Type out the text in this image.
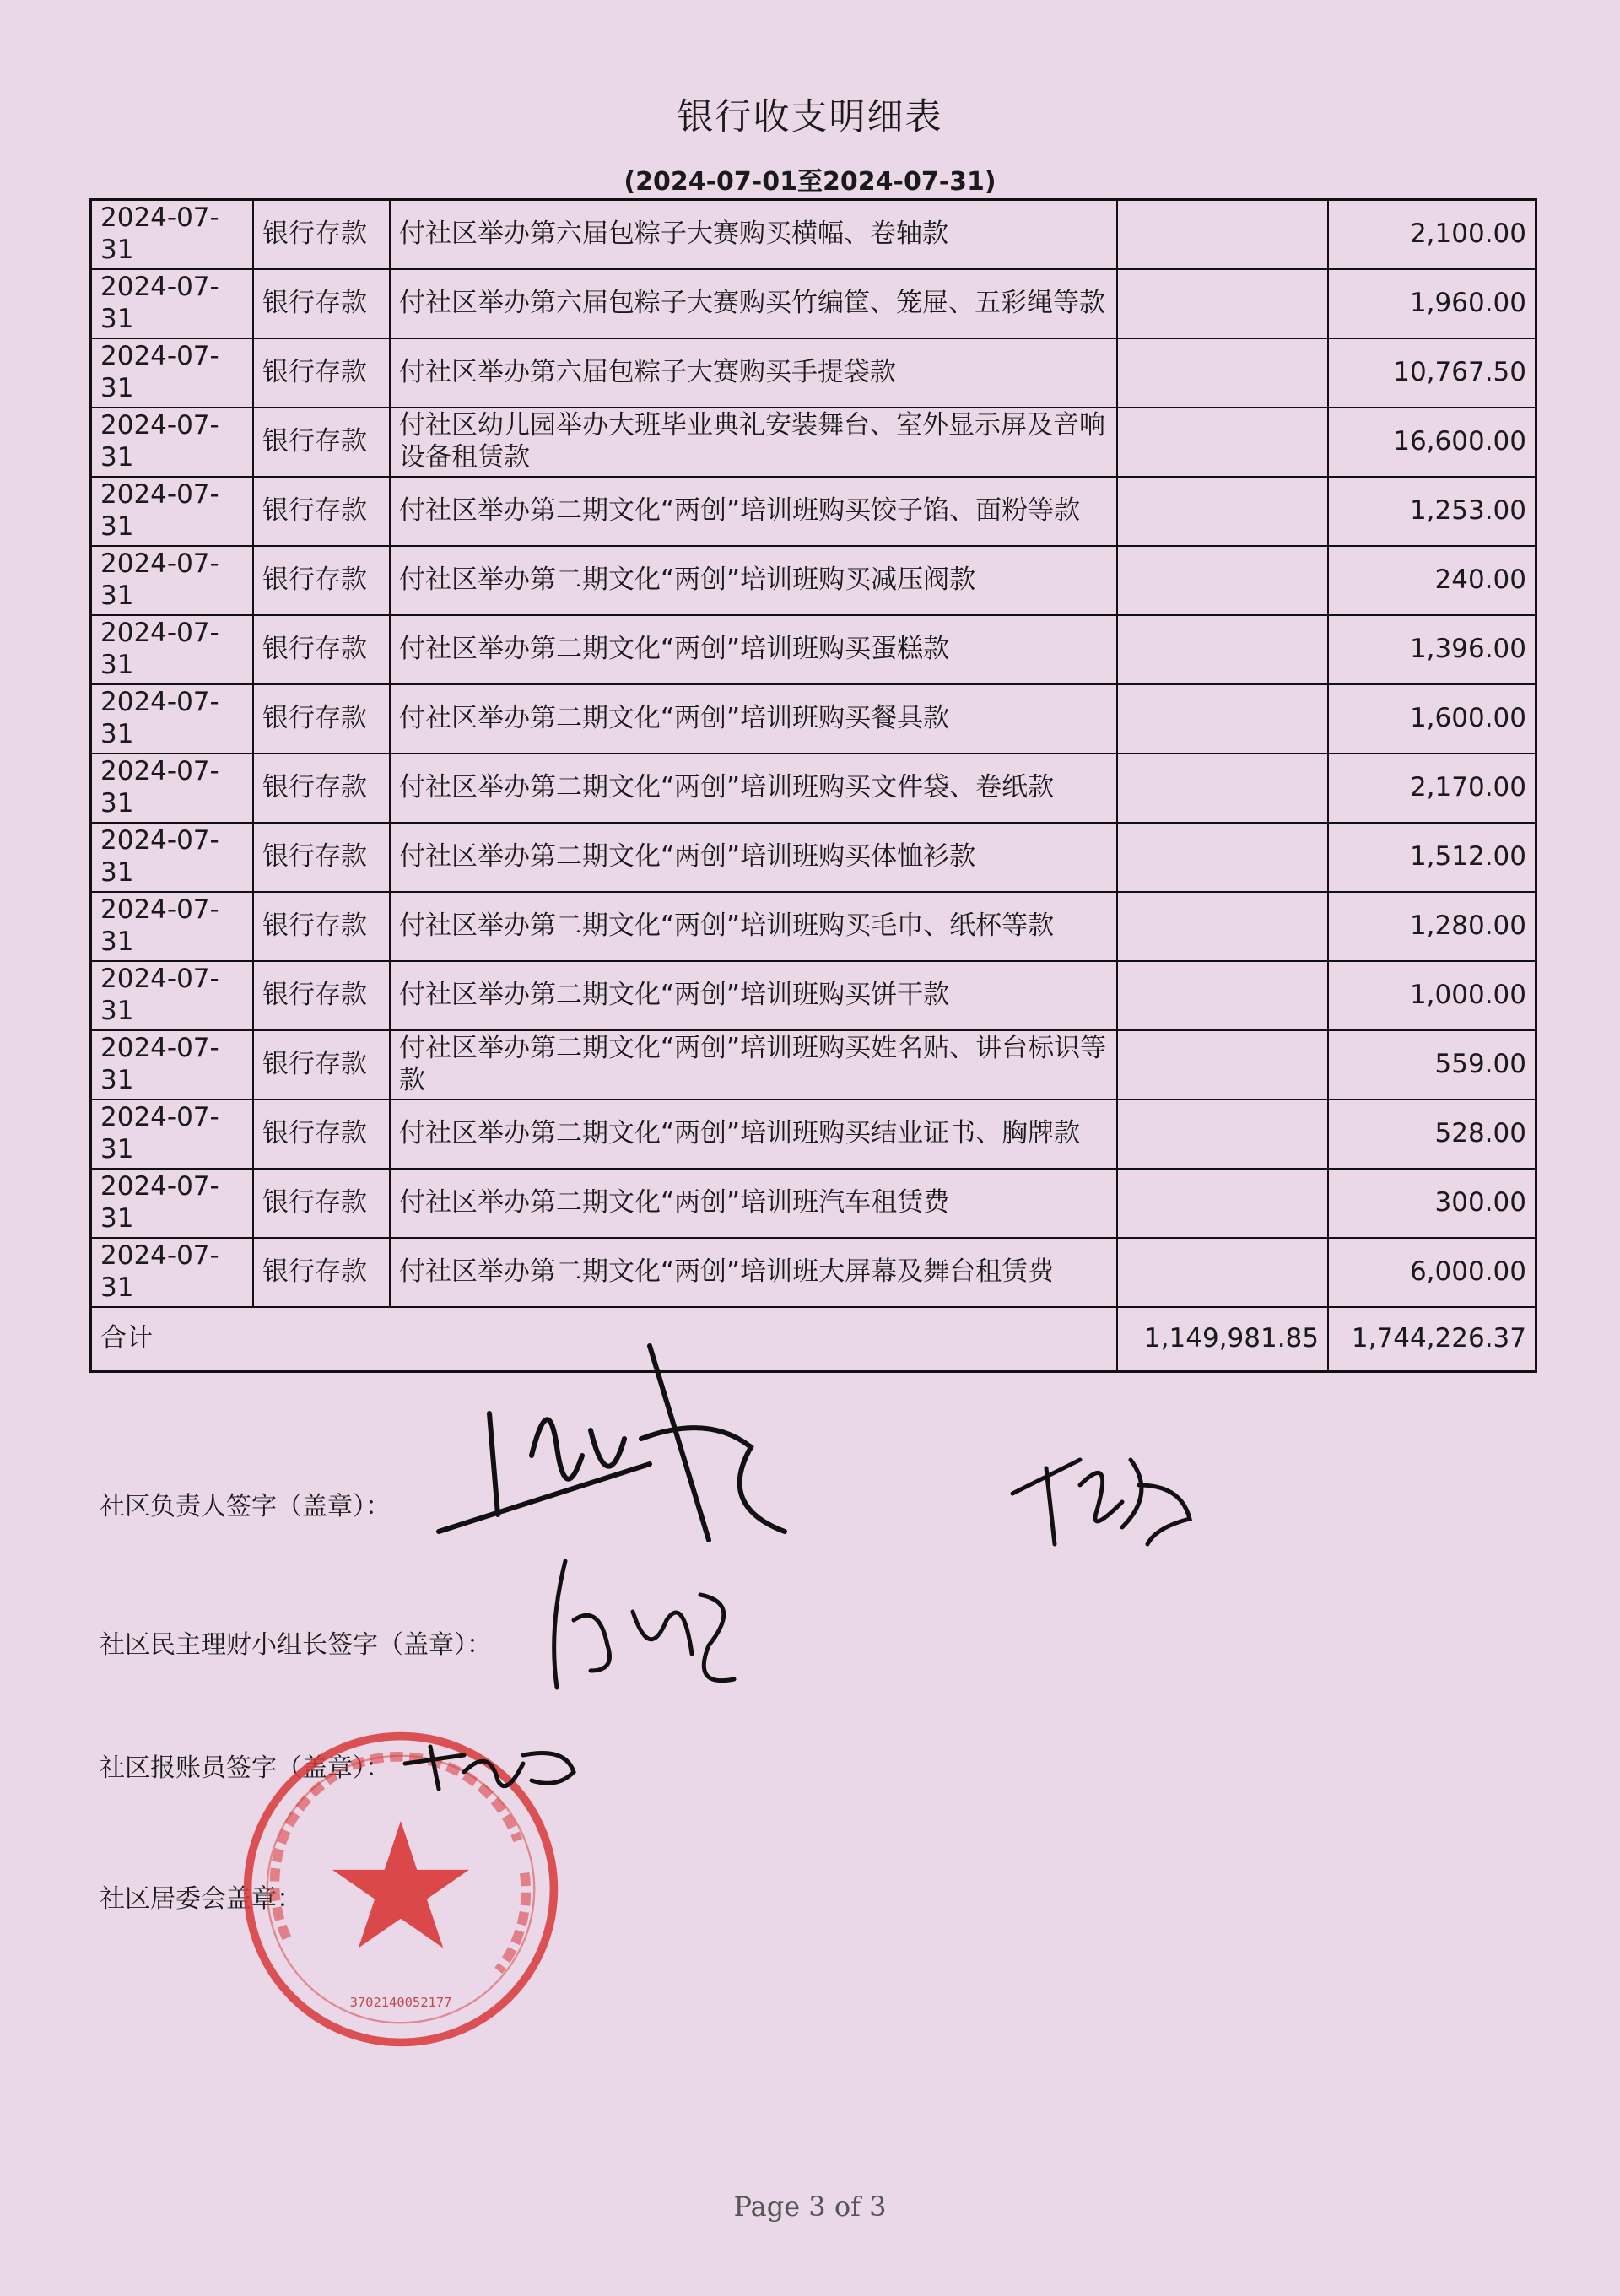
银行收支明细表
(2024-07-01至2024-07-31)
2024-07-31	银行存款	付社区举办第六届包粽子大赛购买横幅、卷轴款		2,100.00
2024-07-31	银行存款	付社区举办第六届包粽子大赛购买竹编筐、笼屉、五彩绳等款		1,960.00
2024-07-31	银行存款	付社区举办第六届包粽子大赛购买手提袋款		10,767.50
2024-07-31	银行存款	付社区幼儿园举办大班毕业典礼安装舞台、室外显示屏及音响设备租赁款		16,600.00
2024-07-31	银行存款	付社区举办第二期文化“两创”培训班购买饺子馅、面粉等款		1,253.00
2024-07-31	银行存款	付社区举办第二期文化“两创”培训班购买减压阀款		240.00
2024-07-31	银行存款	付社区举办第二期文化“两创”培训班购买蛋糕款		1,396.00
2024-07-31	银行存款	付社区举办第二期文化“两创”培训班购买餐具款		1,600.00
2024-07-31	银行存款	付社区举办第二期文化“两创”培训班购买文件袋、卷纸款		2,170.00
2024-07-31	银行存款	付社区举办第二期文化“两创”培训班购买体恤衫款		1,512.00
2024-07-31	银行存款	付社区举办第二期文化“两创”培训班购买毛巾、纸杯等款		1,280.00
2024-07-31	银行存款	付社区举办第二期文化“两创”培训班购买饼干款		1,000.00
2024-07-31	银行存款	付社区举办第二期文化“两创”培训班购买姓名贴、讲台标识等款		559.00
2024-07-31	银行存款	付社区举办第二期文化“两创”培训班购买结业证书、胸牌款		528.00
2024-07-31	银行存款	付社区举办第二期文化“两创”培训班汽车租赁费		300.00
2024-07-31	银行存款	付社区举办第二期文化“两创”培训班大屏幕及舞台租赁费		6,000.00
合计			1,149,981.85	1,744,226.37
社区负责人签字（盖章）：
社区民主理财小组长签字（盖章）：
社区报账员签字（盖章）：
社区居委会盖章：
3702140052177
Page 3 of 3
